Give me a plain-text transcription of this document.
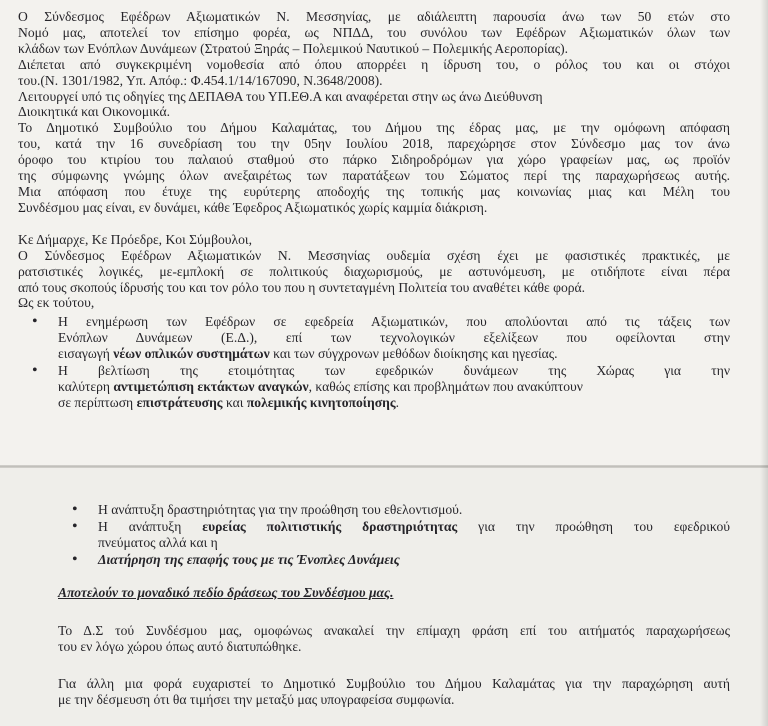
Ο Σύνδεσμος Εφέδρων Αξιωματικών Ν. Μεσσηνίας, με αδιάλειπτη παρουσία άνω των 50 ετών στο

Νομό μας, αποτελεί τον επίσημο φορέα, ως ΝΠΔΔ, του συνόλου των Εφέδρων Αξιωματικών όλων των

κλάδων των Ενόπλων Δυνάμεων (Στρατού Ξηράς – Πολεμικού Ναυτικού – Πολεμικής Αεροπορίας).

Διέπεται από συγκεκριμένη νομοθεσία από όπου απορρέει η ίδρυση του, ο ρόλος του και οι στόχοι

του.(Ν. 1301/1982, Υπ. Απόφ.: Φ.454.1/14/167090, Ν.3648/2008).

Λειτουργεί υπό τις οδηγίες της ΔΕΠΑΘΑ του ΥΠ.ΕΘ.Α και αναφέρεται στην ως άνω Διεύθυνση

Διοικητικά και Οικονομικά.

Το Δημοτικό Συμβούλιο του Δήμου Καλαμάτας, του Δήμου της έδρας μας, με την ομόφωνη απόφαση

του, κατά την 16 συνεδρίαση του την 05ην Ιουλίου 2018, παρεχώρησε στον Σύνδεσμο μας τον άνω

όροφο του κτιρίου του παλαιού σταθμού στο πάρκο Σιδηροδρόμων για χώρο γραφείων μας, ως προϊόν

της σύμφωνης γνώμης όλων ανεξαιρέτως των παρατάξεων του Σώματος περί της παραχωρήσεως αυτής.

Μια απόφαση που έτυχε της ευρύτερης αποδοχής της τοπικής μας κοινωνίας μιας και Μέλη του

Συνδέσμου μας είναι, εν δυνάμει, κάθε Έφεδρος Αξιωματικός χωρίς καμμία διάκριση.

Κε Δήμαρχε, Κε Πρόεδρε, Κοι Σύμβουλοι,

Ο Σύνδεσμος Εφέδρων Αξιωματικών Ν. Μεσσηνίας ουδεμία σχέση έχει με φασιστικές πρακτικές, με

ρατσιστικές λογικές, με-εμπλοκή σε πολιτικούς διαχωρισμούς, με αστυνόμευση, με οτιδήποτε είναι πέρα

από τους σκοπούς ίδρυσής του και τον ρόλο του που η συντεταγμένη Πολιτεία του αναθέτει κάθε φορά.

Ως εκ τούτου,

• Η ενημέρωση των Εφέδρων σε εφεδρεία Αξιωματικών, που απολύονται από τις τάξεις των
Ενόπλων Δυνάμεων (Ε.Δ.), επί των τεχνολογικών εξελίξεων που οφείλονται στην
εισαγωγή νέων οπλικών συστημάτων και των σύγχρονων μεθόδων διοίκησης και ηγεσίας.
• Η βελτίωση της ετοιμότητας των εφεδρικών δυνάμεων της Χώρας για την
καλύτερη αντιμετώπιση εκτάκτων αναγκών, καθώς επίσης και προβλημάτων που ανακύπτουν
σε περίπτωση επιστράτευσης και πολεμικής κινητοποίησης.
• Η ανάπτυξη δραστηριότητας για την προώθηση του εθελοντισμού.
• Η ανάπτυξη ευρείας πολιτιστικής δραστηριότητας για την προώθηση του εφεδρικού
πνεύματος αλλά και η
• Διατήρηση της επαφής τους με τις Ένοπλες Δυνάμεις

Αποτελούν το μοναδικό πεδίο δράσεως του Συνδέσμου μας.

Το Δ.Σ τού Συνδέσμου μας, ομοφώνως ανακαλεί την επίμαχη φράση επί του αιτήματός παραχωρήσεως

του εν λόγω χώρου όπως αυτό διατυπώθηκε.

Για άλλη μια φορά ευχαριστεί το Δημοτικό Συμβούλιο του Δήμου Καλαμάτας για την παραχώρηση αυτή

με την δέσμευση ότι θα τιμήσει την μεταξύ μας υπογραφείσα συμφωνία.
